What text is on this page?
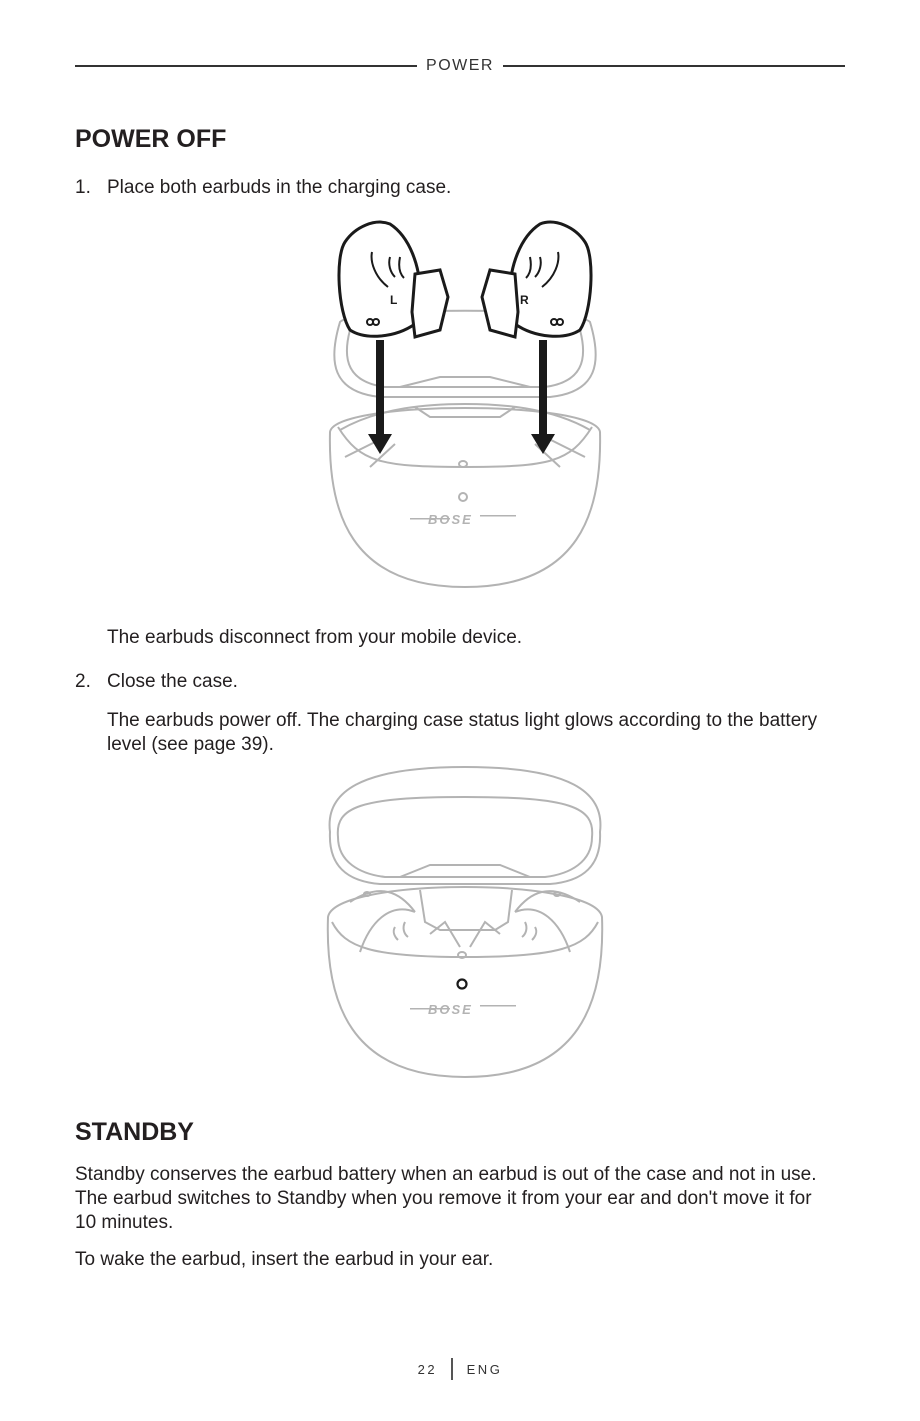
POWER
POWER OFF
1. Place both earbuds in the charging case.
BOSE
L	R
The earbuds disconnect from your mobile device.
2. Close the case.
The earbuds power off. The charging case status light glows according to the battery level (see page 39).
BOSE
STANDBY
Standby conserves the earbud battery when an earbud is out of the case and not in use. The earbud switches to Standby when you remove it from your ear and don't move it for 10 minutes.
To wake the earbud, insert the earbud in your ear.
22 ENG
